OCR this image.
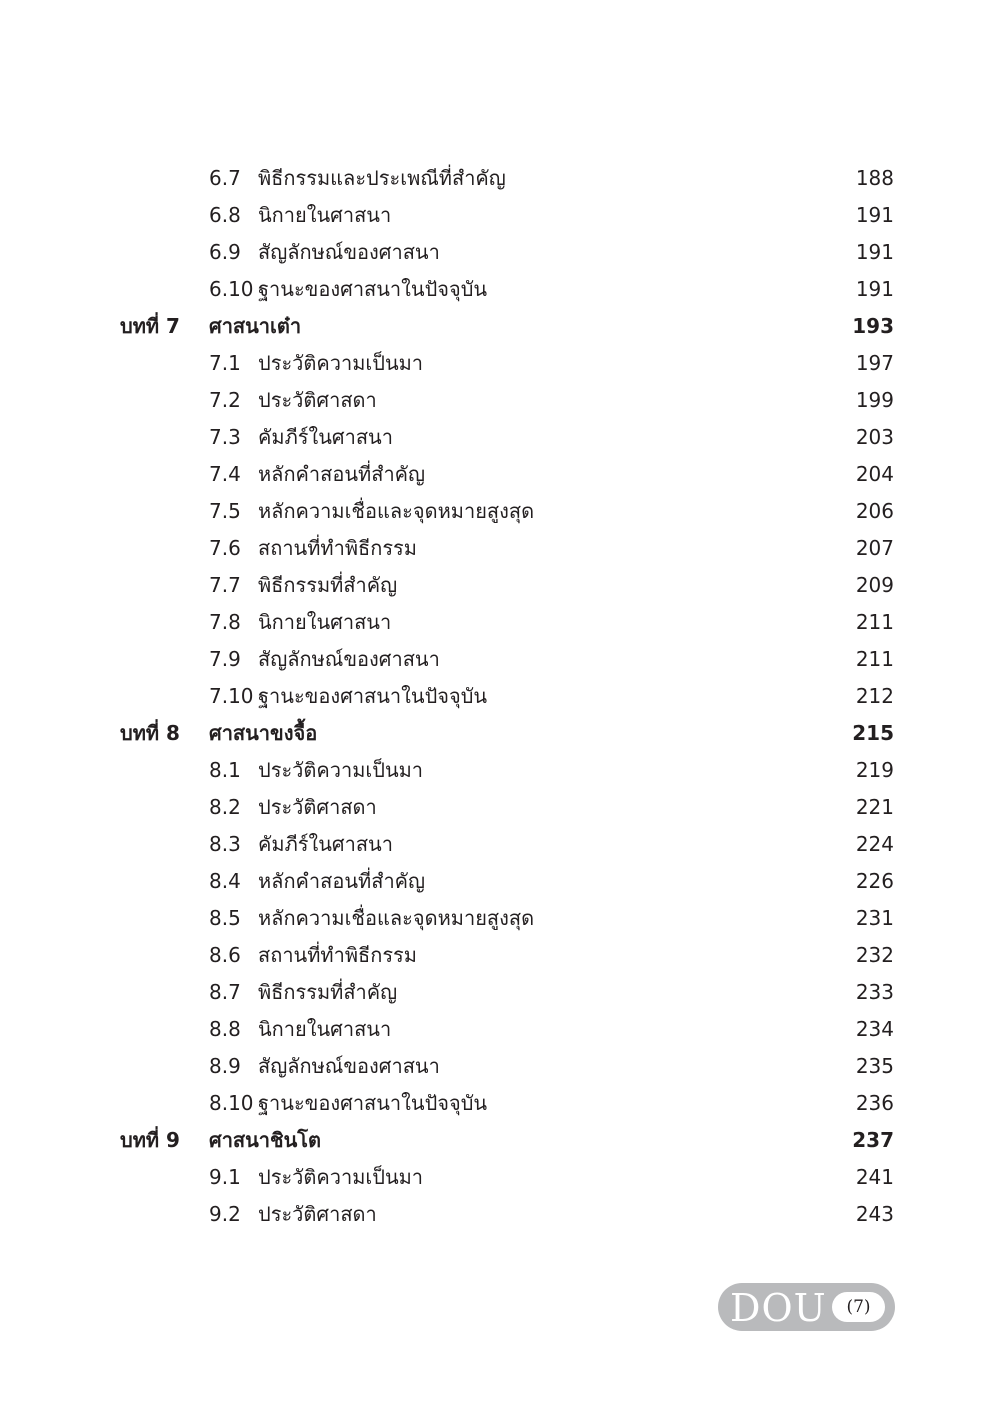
6.7 พิธีกรรมและประเพณีที่สำคัญ	188
6.8 นิกายในศาสนา	191
6.9 สัญลักษณ์ของศาสนา	191
6.10 ฐานะของศาสนาในปัจจุบัน	191
บทที่ 7 ศาสนาเต๋า	193
7.1 ประวัติความเป็นมา	197
7.2 ประวัติศาสดา	199
7.3 คัมภีร์ในศาสนา	203
7.4 หลักคำสอนที่สำคัญ	204
7.5 หลักความเชื่อและจุดหมายสูงสุด	206
7.6 สถานที่ทำพิธีกรรม	207
7.7 พิธีกรรมที่สำคัญ	209
7.8 นิกายในศาสนา	211
7.9 สัญลักษณ์ของศาสนา	211
7.10 ฐานะของศาสนาในปัจจุบัน	212
บทที่ 8 ศาสนาขงจื้อ	215
8.1 ประวัติความเป็นมา	219
8.2 ประวัติศาสดา	221
8.3 คัมภีร์ในศาสนา	224
8.4 หลักคำสอนที่สำคัญ	226
8.5 หลักความเชื่อและจุดหมายสูงสุด	231
8.6 สถานที่ทำพิธีกรรม	232
8.7 พิธีกรรมที่สำคัญ	233
8.8 นิกายในศาสนา	234
8.9 สัญลักษณ์ของศาสนา	235
8.10 ฐานะของศาสนาในปัจจุบัน	236
บทที่ 9 ศาสนาชินโต	237
9.1 ประวัติความเป็นมา	241
9.2 ประวัติศาสดา	243
DOU	(7)
